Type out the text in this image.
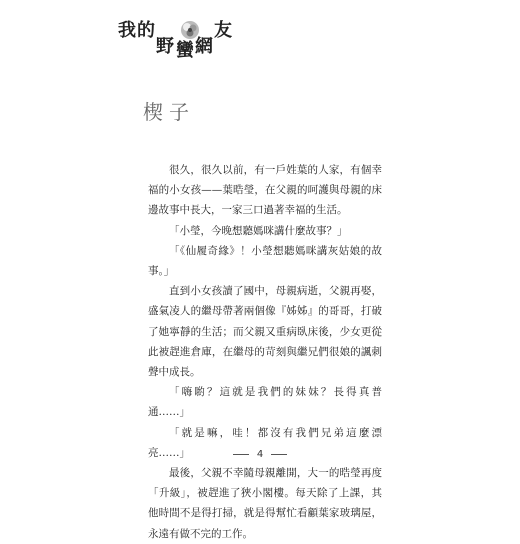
我 的
野 蠻 網
友
楔子

很久，很久以前，有一戶姓葉的人家，有個幸福的小女孩——葉晧瑩，在父親的呵護與母親的床邊故事中長大，一家三口過著幸福的生活。

「小瑩，今晚想聽媽咪講什麼故事？」

「《仙履奇緣》！小瑩想聽媽咪講灰姑娘的故事。」

直到小女孩讀了國中，母親病逝，父親再娶，盛氣凌人的繼母帶著兩個像『姊姊』的哥哥，打破了她寧靜的生活；而父親又重病臥床後，少女更從此被趕進倉庫，在繼母的苛刻與繼兄們很娘的諷刺聲中成長。

「嗨喲？這就是我們的妹妹？長得真普通……」

「就是嘛，哇！都沒有我們兄弟這麼漂亮……」

最後，父親不幸隨母親離開，大一的晧瑩再度「升級」，被趕進了狹小閣樓。每天除了上課，其他時間不是得打掃，就是得幫忙看顧葉家玻璃屋，永遠有做不完的工作。

4
